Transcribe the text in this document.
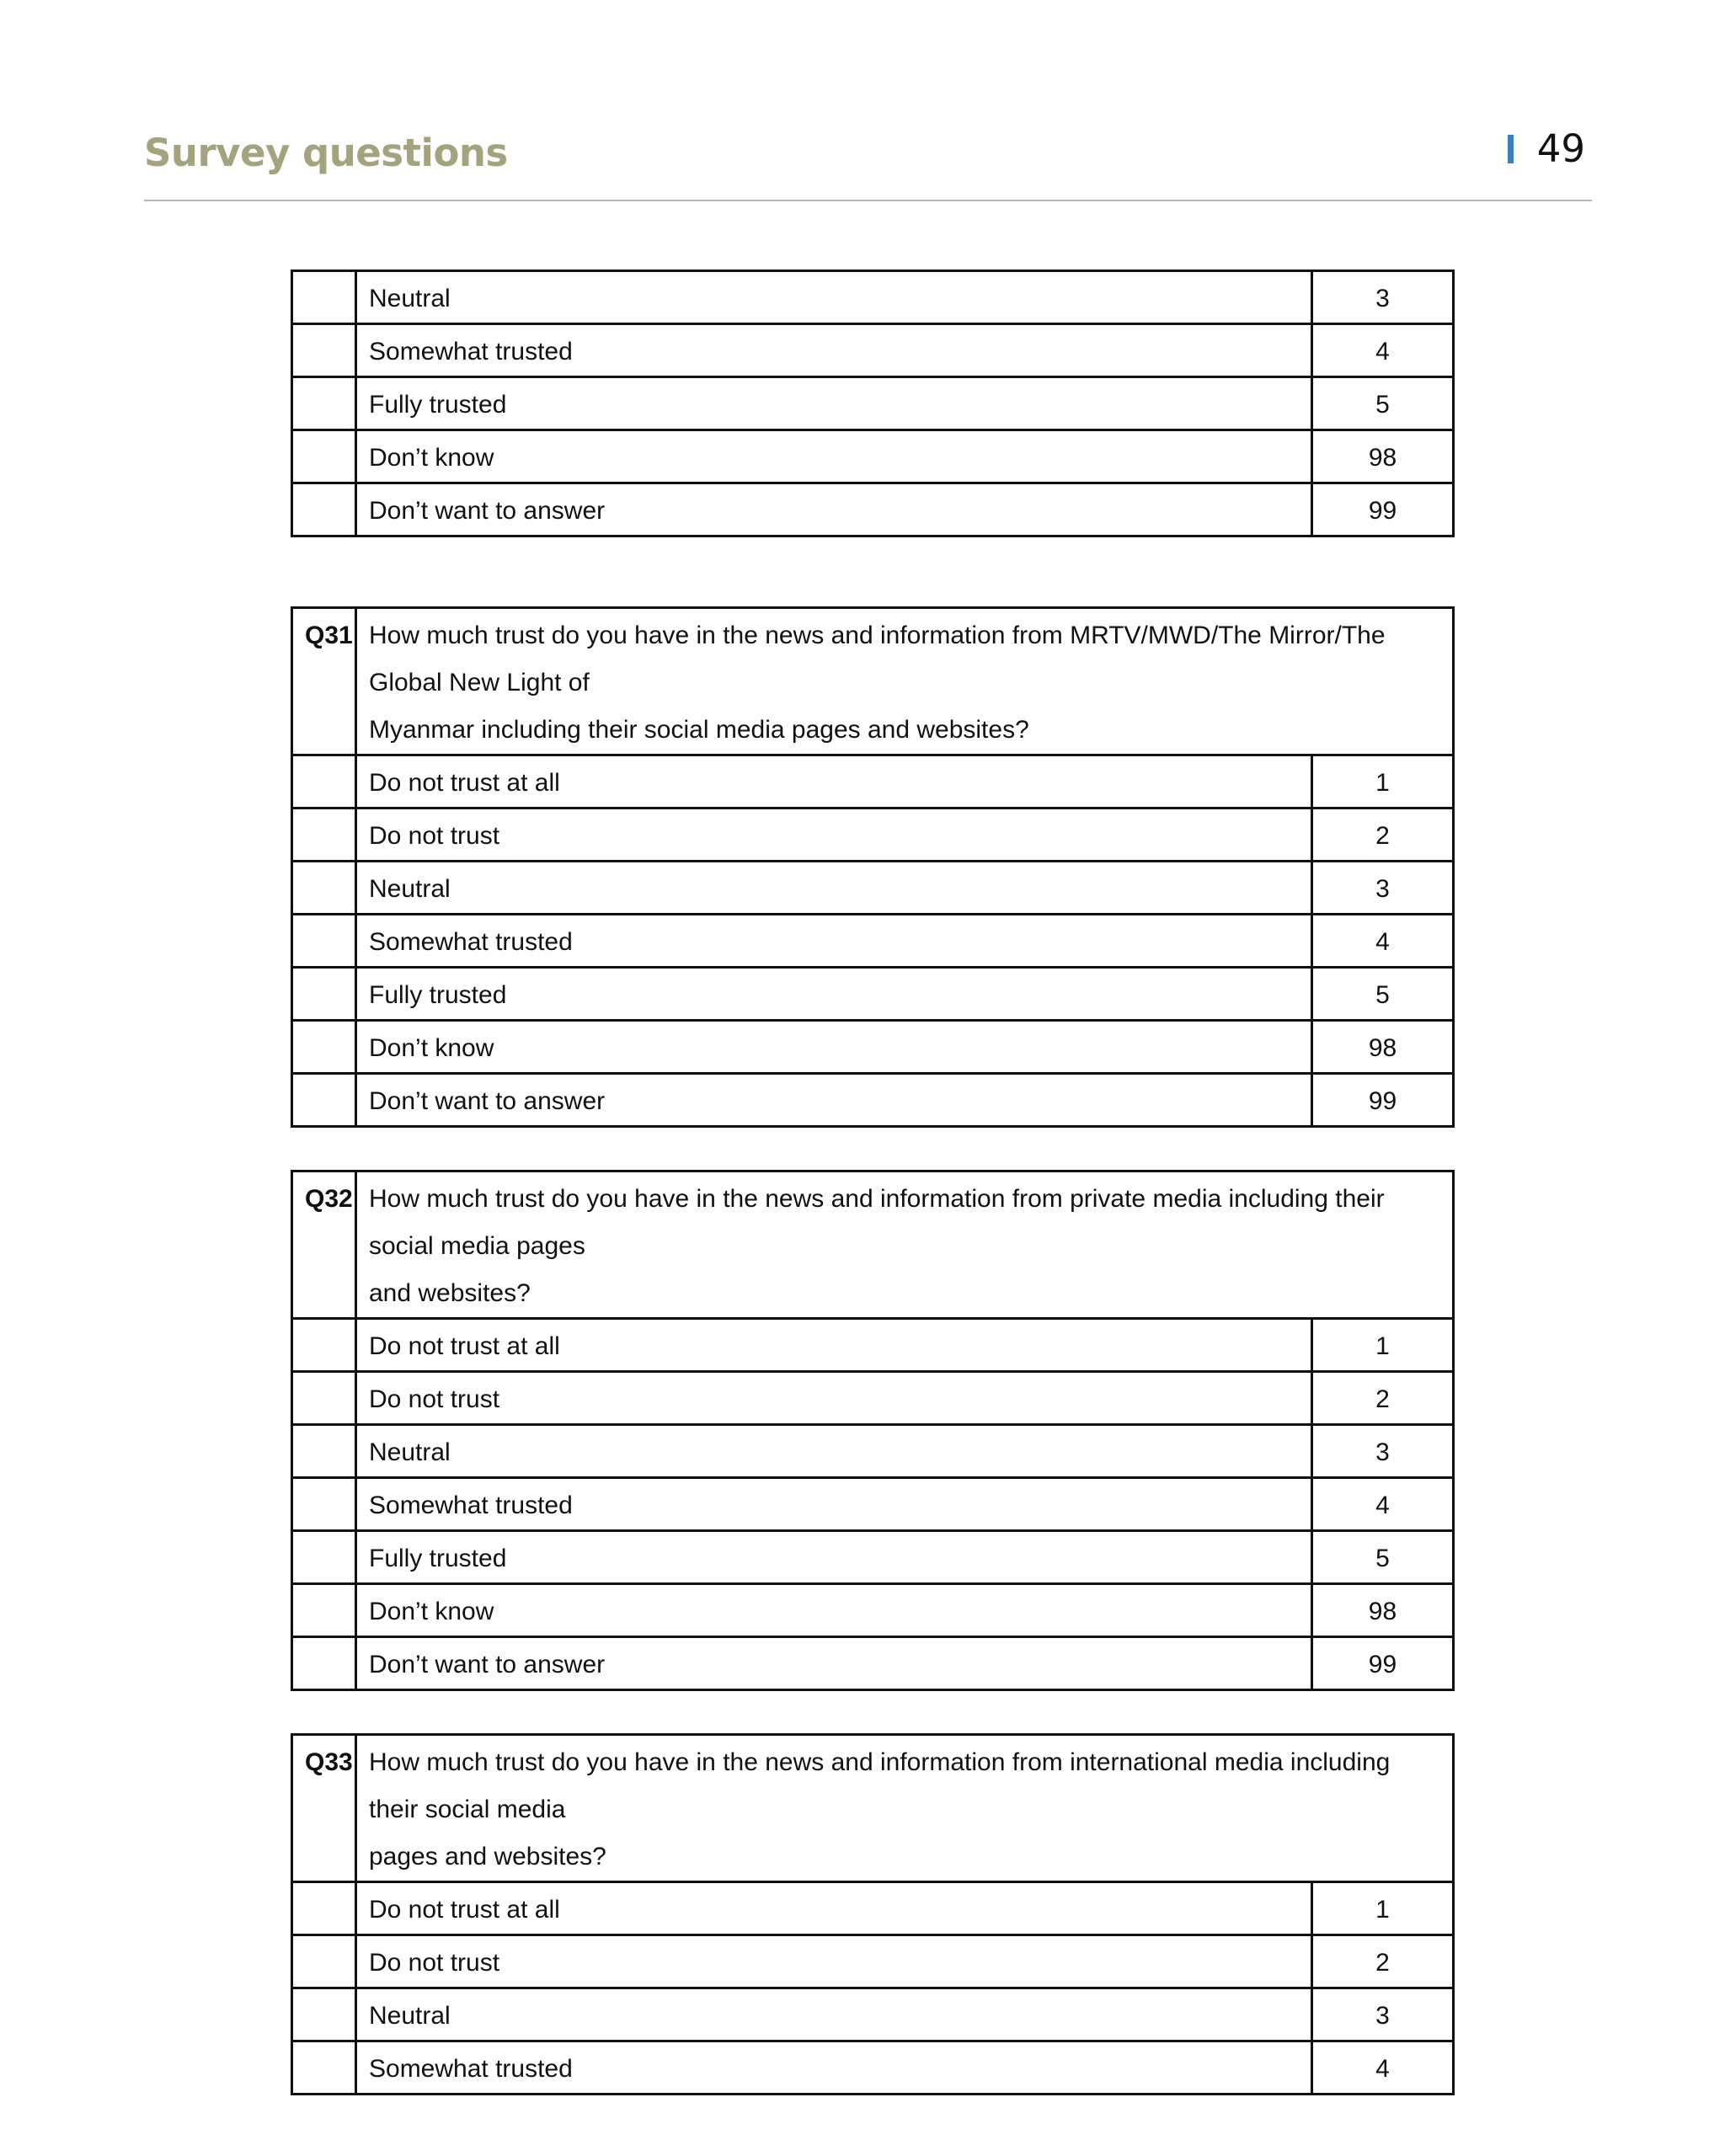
Survey questions	49
	Neutral	3
	Somewhat trusted	4
	Fully trusted	5
	Don’t know	98
	Don’t want to answer	99
Q31	How much trust do you have in the news and information from MRTV/MWD/The Mirror/The Global New Light of
Myanmar including their social media pages and websites?	
	Do not trust at all	1
	Do not trust	2
	Neutral	3
	Somewhat trusted	4
	Fully trusted	5
	Don’t know	98
	Don’t want to answer	99
Q32	How much trust do you have in the news and information from private media including their social media pages
and websites?	
	Do not trust at all	1
	Do not trust	2
	Neutral	3
	Somewhat trusted	4
	Fully trusted	5
	Don’t know	98
	Don’t want to answer	99
Q33	How much trust do you have in the news and information from international media including their social media
pages and websites?	
	Do not trust at all	1
	Do not trust	2
	Neutral	3
	Somewhat trusted	4
